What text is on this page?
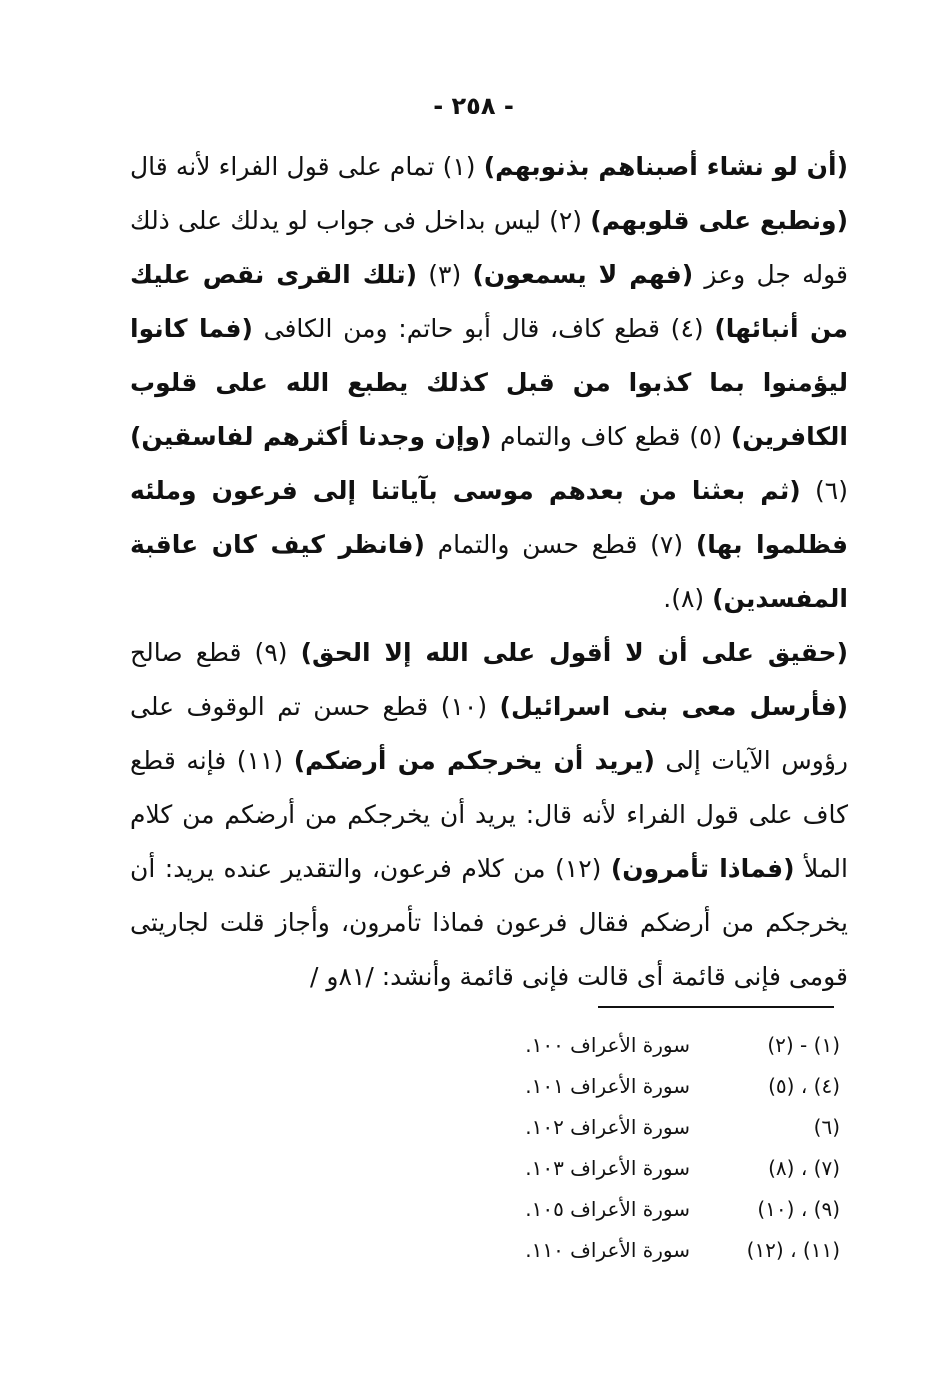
- ٢٥٨ -

(أن لو نشاء أصبناهم بذنوبهم) (١) تمام على قول الفراء لأنه قال (ونطبع على قلوبهم) (٢) ليس بداخل فى جواب لو يدلك على ذلك قوله جل وعز (فهم لا يسمعون) (٣) (تلك القرى نقص عليك من أنبائها) (٤) قطع كاف، قال أبو حاتم: ومن الكافى (فما كانوا ليؤمنوا بما كذبوا من قبل كذلك يطبع الله على قلوب الكافرين) (٥) قطع كاف والتمام (وإن وجدنا أكثرهم لفاسقين) (٦) (ثم بعثنا من بعدهم موسى بآياتنا إلى فرعون وملئه فظلموا بها) (٧) قطع حسن والتمام (فانظر كيف كان عاقبة المفسدين) (٨).

(حقيق على أن لا أقول على الله إلا الحق) (٩) قطع صالح (فأرسل معى بنى اسرائيل) (١٠) قطع حسن تم الوقوف على رؤوس الآيات إلى (يريد أن يخرجكم من أرضكم) (١١) فإنه قطع كاف على قول الفراء لأنه قال: يريد أن يخرجكم من أرضكم من كلام الملأ (فماذا تأمرون) (١٢) من كلام فرعون، والتقدير عنده يريد: أن يخرجكم من أرضكم فقال فرعون فماذا تأمرون، وأجاز قلت لجاريتى قومى فإنى قائمة أى قالت فإنى قائمة وأنشد: /٨١و /

(١) - (٢)
سورة الأعراف ١٠٠.
(٤) ، (٥)
سورة الأعراف ١٠١.
(٦)
سورة الأعراف ١٠٢.
(٧) ، (٨)
سورة الأعراف ١٠٣.
(٩) ، (١٠)
سورة الأعراف ١٠٥.
(١١) ، (١٢)
سورة الأعراف ١١٠.
